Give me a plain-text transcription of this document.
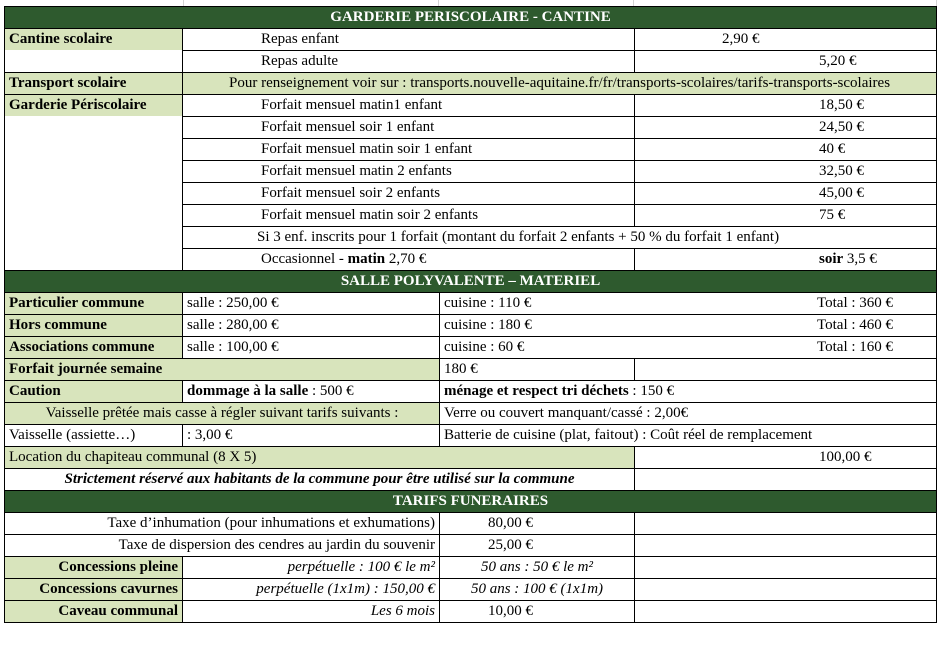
GARDERIE PERISCOLAIRE - CANTINE			
Cantine scolaire	Repas enfant		2,90 €
	Repas adulte		5,20 €
Transport scolaire	Pour renseignement voir sur : transports.nouvelle-aquitaine.fr/fr/transports-scolaires/tarifs-transports-scolaires		
Garderie Périscolaire	Forfait mensuel matin1 enfant		18,50 €
	Forfait mensuel soir 1 enfant		24,50 €
	Forfait mensuel matin soir 1 enfant		40 €
	Forfait mensuel matin 2 enfants		32,50 €
	Forfait mensuel soir 2 enfants		45,00 €
	Forfait mensuel matin soir 2 enfants		75 €
	Si 3 enf. inscrits pour 1 forfait (montant du forfait 2 enfants + 50 % du forfait 1 enfant)		
	Occasionnel - matin 2,70 €		soir 3,5 €
SALLE POLYVALENTE – MATERIEL			
Particulier commune	salle : 250,00 €	cuisine : 110 €	Total : 360 €
Hors commune	salle : 280,00 €	cuisine : 180 €	Total : 460 €
Associations commune	salle : 100,00 €	cuisine : 60 €	Total : 160 €
Forfait journée semaine		180 €	
Caution	dommage à la salle : 500 €	ménage et respect tri déchets : 150 €	
Vaisselle prêtée mais casse à régler suivant tarifs suivants :		Verre ou couvert manquant/cassé : 2,00€	
Vaisselle (assiette…)	: 3,00 €	Batterie de cuisine (plat, faitout) : Coût réel de remplacement	
Location du chapiteau communal (8 X 5)			100,00 €
Strictement réservé aux habitants de la commune pour être utilisé sur la commune			
TARIFS FUNERAIRES			
Taxe d’inhumation (pour inhumations et exhumations)		80,00 €	
Taxe de dispersion des cendres au jardin du souvenir		25,00 €	
Concessions pleine	perpétuelle : 100 € le m²	50 ans : 50 € le m²	
Concessions cavurnes	perpétuelle (1x1m) : 150,00 €	50 ans : 100 € (1x1m)	
Caveau communal	Les 6 mois	10,00 €	
